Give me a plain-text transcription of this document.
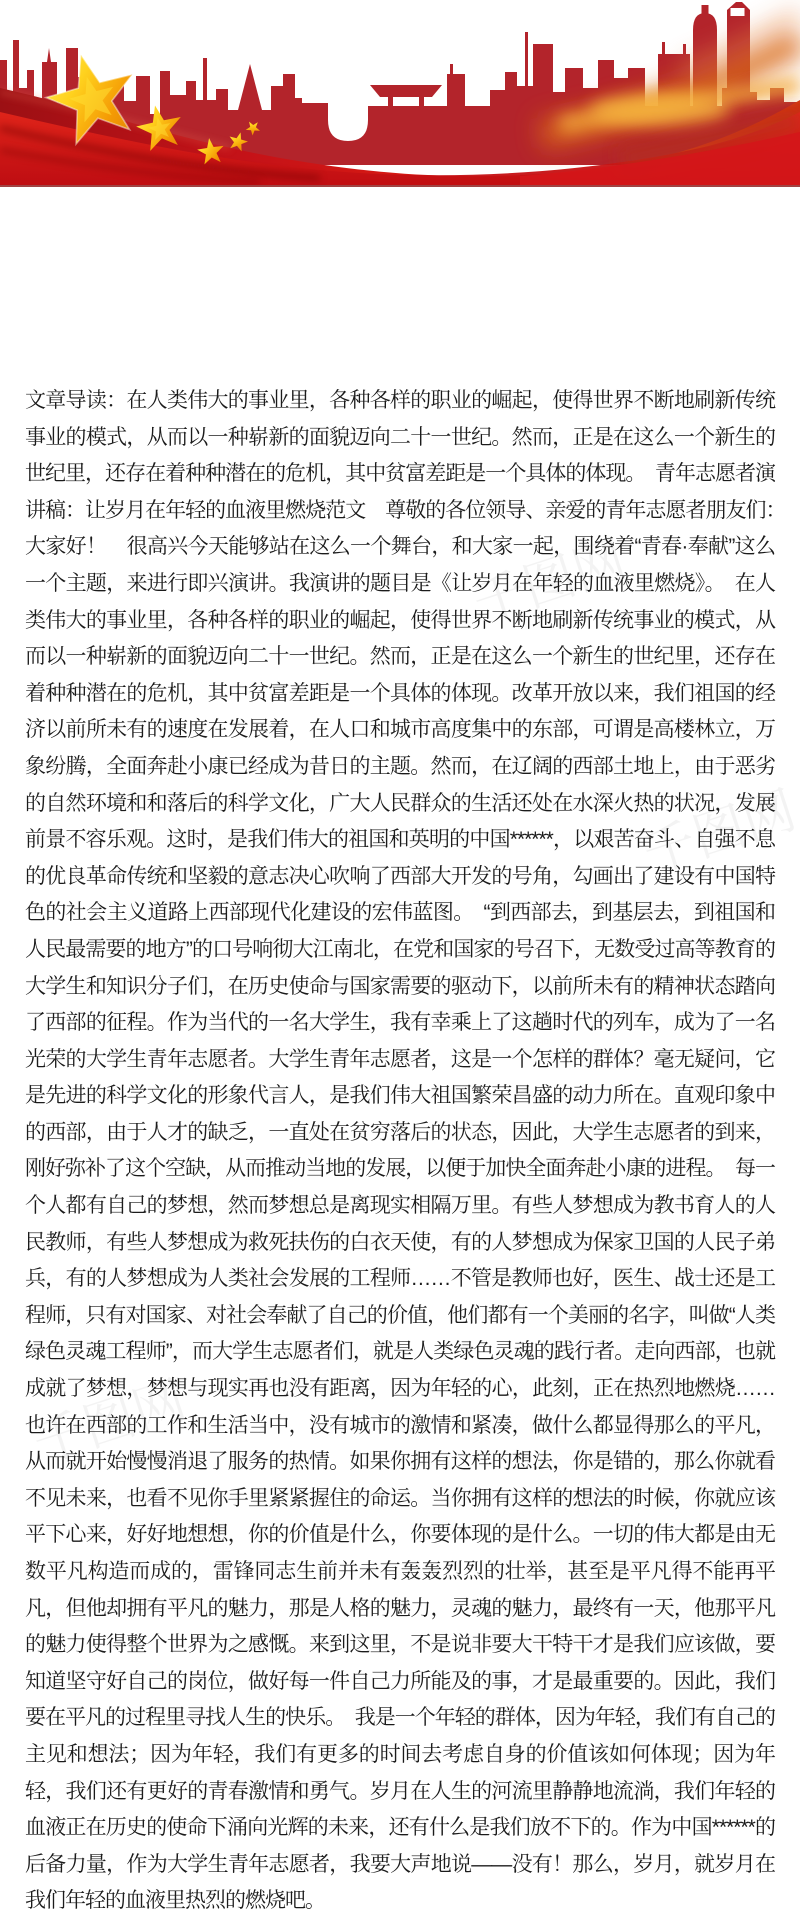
文章导读：在人类伟大的事业里，各种各样的职业的崛起，使得世界不断地刷新传统事业的模式，从而以一种崭新的面貌迈向二十一世纪。然而，正是在这么一个新生的世纪里，还存在着种种潜在的危机，其中贫富差距是一个具体的体现。　青年志愿者演讲稿：让岁月在年轻的血液里燃烧范文　尊敬的各位领导、亲爱的青年志愿者朋友们：　大家好！　很高兴今天能够站在这么一个舞台，和大家一起，围绕着“青春·奉献”这么一个主题，来进行即兴演讲。我演讲的题目是《让岁月在年轻的血液里燃烧》。　在人类伟大的事业里，各种各样的职业的崛起，使得世界不断地刷新传统事业的模式，从而以一种崭新的面貌迈向二十一世纪。然而，正是在这么一个新生的世纪里，还存在着种种潜在的危机，其中贫富差距是一个具体的体现。改革开放以来，我们祖国的经济以前所未有的速度在发展着，在人口和城市高度集中的东部，可谓是高楼林立，万象纷腾，全面奔赴小康已经成为昔日的主题。然而，在辽阔的西部土地上，由于恶劣的自然环境和和落后的科学文化，广大人民群众的生活还处在水深火热的状况，发展前景不容乐观。这时，是我们伟大的祖国和英明的中国******，以艰苦奋斗、自强不息的优良革命传统和坚毅的意志决心吹响了西部大开发的号角，勾画出了建设有中国特色的社会主义道路上西部现代化建设的宏伟蓝图。　“到西部去，到基层去，到祖国和人民最需要的地方”的口号响彻大江南北，在党和国家的号召下，无数受过高等教育的大学生和知识分子们，在历史使命与国家需要的驱动下，以前所未有的精神状态踏向了西部的征程。作为当代的一名大学生，我有幸乘上了这趟时代的列车，成为了一名光荣的大学生青年志愿者。大学生青年志愿者，这是一个怎样的群体？毫无疑问，它是先进的科学文化的形象代言人，是我们伟大祖国繁荣昌盛的动力所在。直观印象中的西部，由于人才的缺乏，一直处在贫穷落后的状态，因此，大学生志愿者的到来，刚好弥补了这个空缺，从而推动当地的发展，以便于加快全面奔赴小康的进程。　每一个人都有自己的梦想，然而梦想总是离现实相隔万里。有些人梦想成为教书育人的人民教师，有些人梦想成为救死扶伤的白衣天使，有的人梦想成为保家卫国的人民子弟兵，有的人梦想成为人类社会发展的工程师……不管是教师也好，医生、战士还是工程师，只有对国家、对社会奉献了自己的价值，他们都有一个美丽的名字，叫做“人类绿色灵魂工程师”，而大学生志愿者们，就是人类绿色灵魂的践行者。走向西部，也就成就了梦想，梦想与现实再也没有距离，因为年轻的心，此刻，正在热烈地燃烧……　也许在西部的工作和生活当中，没有城市的激情和紧凑，做什么都显得那么的平凡，从而就开始慢慢消退了服务的热情。如果你拥有这样的想法，你是错的，那么你就看不见未来，也看不见你手里紧紧握住的命运。当你拥有这样的想法的时候，你就应该平下心来，好好地想想，你的价值是什么，你要体现的是什么。一切的伟大都是由无数平凡构造而成的，雷锋同志生前并未有轰轰烈烈的壮举，甚至是平凡得不能再平凡，但他却拥有平凡的魅力，那是人格的魅力，灵魂的魅力，最终有一天，他那平凡的魅力使得整个世界为之感慨。来到这里，不是说非要大干特干才是我们应该做，要知道坚守好自己的岗位，做好每一件自己力所能及的事，才是最重要的。因此，我们要在平凡的过程里寻找人生的快乐。　我是一个年轻的群体，因为年轻，我们有自己的主见和想法；因为年轻，我们有更多的时间去考虑自身的价值该如何体现；因为年轻，我们还有更好的青春激情和勇气。岁月在人生的河流里静静地流淌，我们年轻的血液正在历史的使命下涌向光辉的未来，还有什么是我们放不下的。作为中国******的后备力量，作为大学生青年志愿者，我要大声地说——没有！那么，岁月，就岁月在我们年轻的血液里热烈的燃烧吧。
